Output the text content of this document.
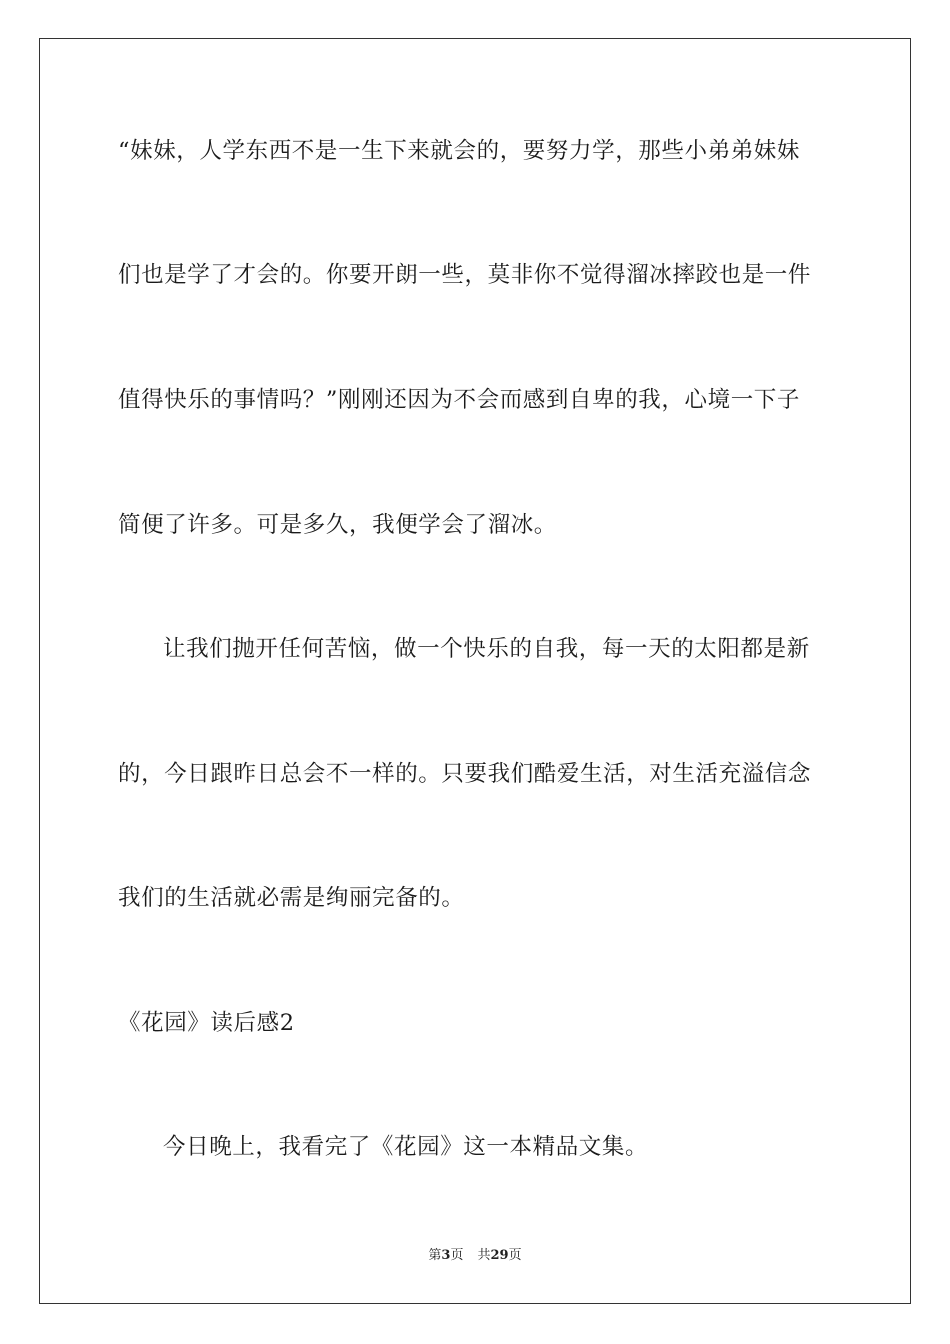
“妹妹，人学东西不是一生下来就会的，要努力学，那些小弟弟妹妹
们也是学了才会的。你要开朗一些，莫非你不觉得溜冰摔跤也是一件
值得快乐的事情吗？”刚刚还因为不会而感到自卑的我，心境一下子
简便了许多。可是多久，我便学会了溜冰。
让我们抛开任何苦恼，做一个快乐的自我，每一天的太阳都是新
的，今日跟昨日总会不一样的。只要我们酷爱生活，对生活充溢信念
我们的生活就必需是绚丽完备的。
《花园》读后感2
今日晚上，我看完了《花园》这一本精品文集。
第3页 共29页
